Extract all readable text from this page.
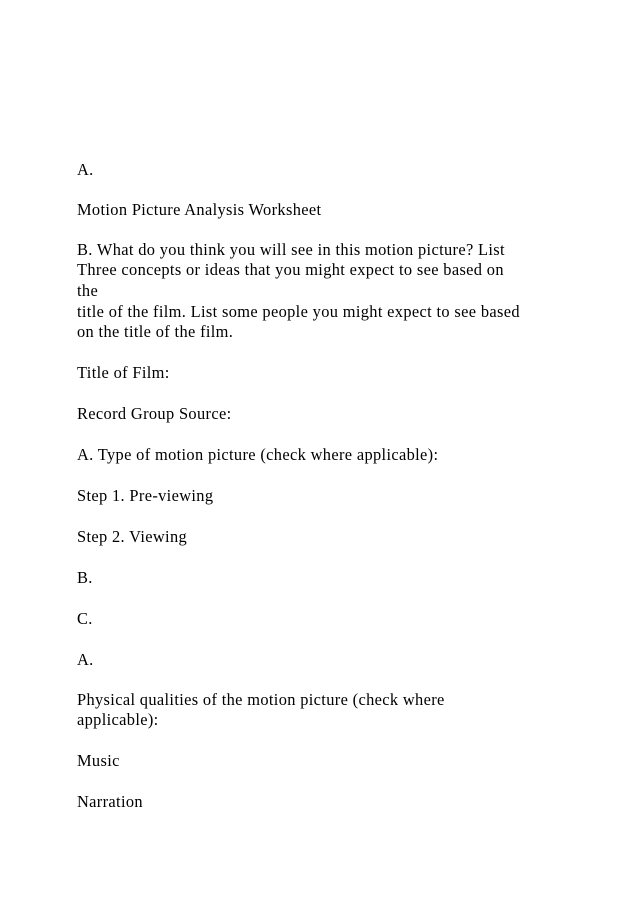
A.
Motion Picture Analysis Worksheet
B. What do you think you will see in this motion picture? List
Three concepts or ideas that you might expect to see based on
the
title of the film. List some people you might expect to see based
on the title of the film.
Title of Film:
Record Group Source:
A. Type of motion picture (check where applicable):
Step 1. Pre-viewing
Step 2. Viewing
B.
C.
A.
Physical qualities of the motion picture (check where
applicable):
Music
Narration
